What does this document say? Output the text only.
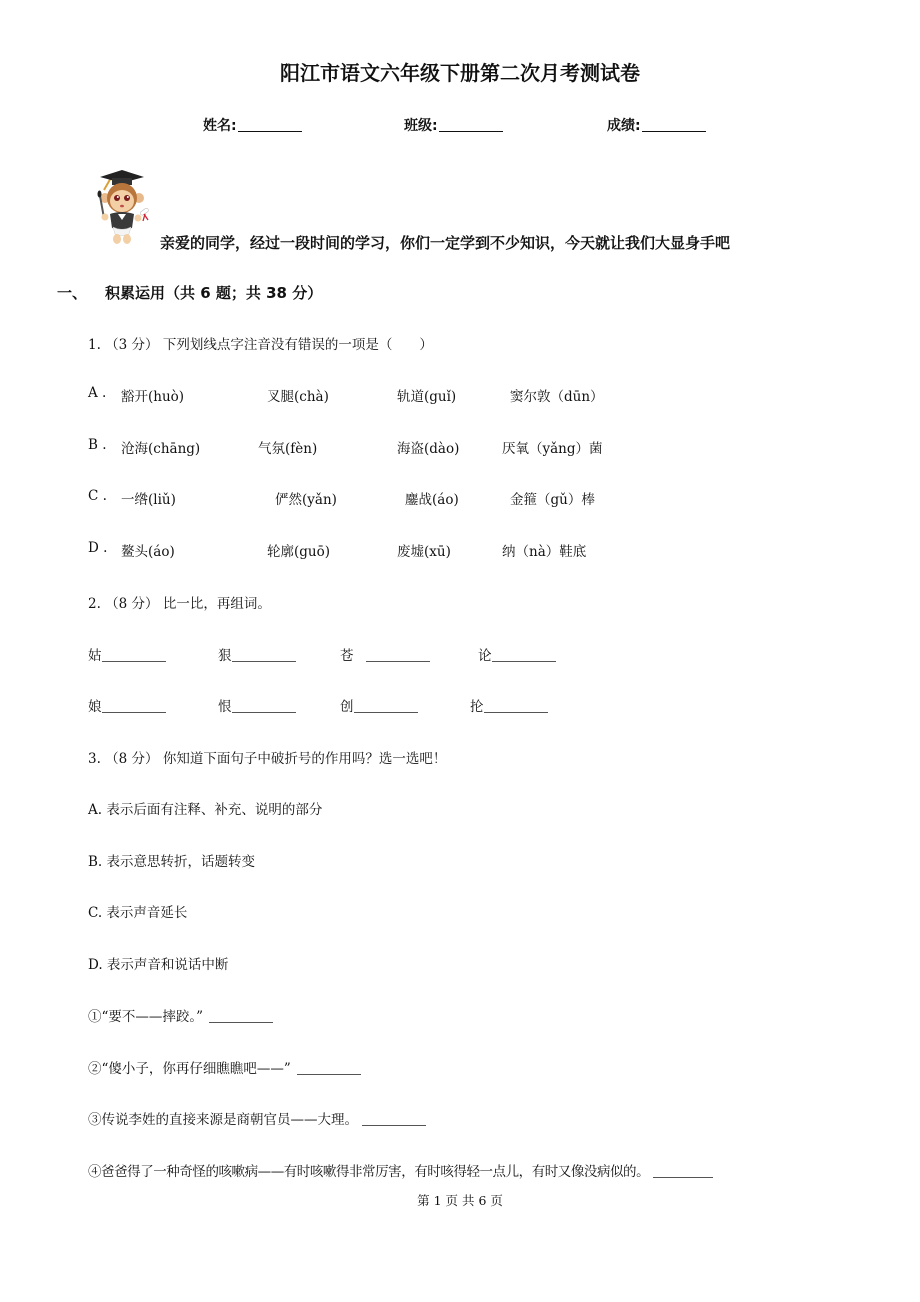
阳江市语文六年级下册第二次月考测试卷
姓名:	班级:	成绩:
亲爱的同学，经过一段时间的学习，你们一定学到不少知识，今天就让我们大显身手吧
一、 积累运用（共 6 题；共 38 分）
1. （3 分） 下列划线点字注音没有错误的一项是（　　）
A . 豁开(huò)	叉腿(chà)	轨道(guǐ)	窦尔敦（dūn）
B . 沧海(chāng)	气氛(fèn)	海盗(dào)	厌氧（yǎng）菌
C . 一绺(liǔ)	俨然(yǎn)	鏖战(áo)	金箍（gǔ）棒
D . 鳌头(áo)	轮廓(guō)	废墟(xū)	纳（nà）鞋底
2. （8 分） 比一比，再组词。
姑	狠	苍	论
娘	恨	创	抡
3. （8 分） 你知道下面句子中破折号的作用吗？选一选吧！
A. 表示后面有注释、补充、说明的部分
B. 表示意思转折，话题转变
C. 表示声音延长
D. 表示声音和说话中断
①“要不——摔跤。”
②“傻小子，你再仔细瞧瞧吧——”
③传说李姓的直接来源是商朝官员——大理。
④爸爸得了一种奇怪的咳嗽病——有时咳嗽得非常厉害，有时咳得轻一点儿，有时又像没病似的。
第 1 页 共 6 页
